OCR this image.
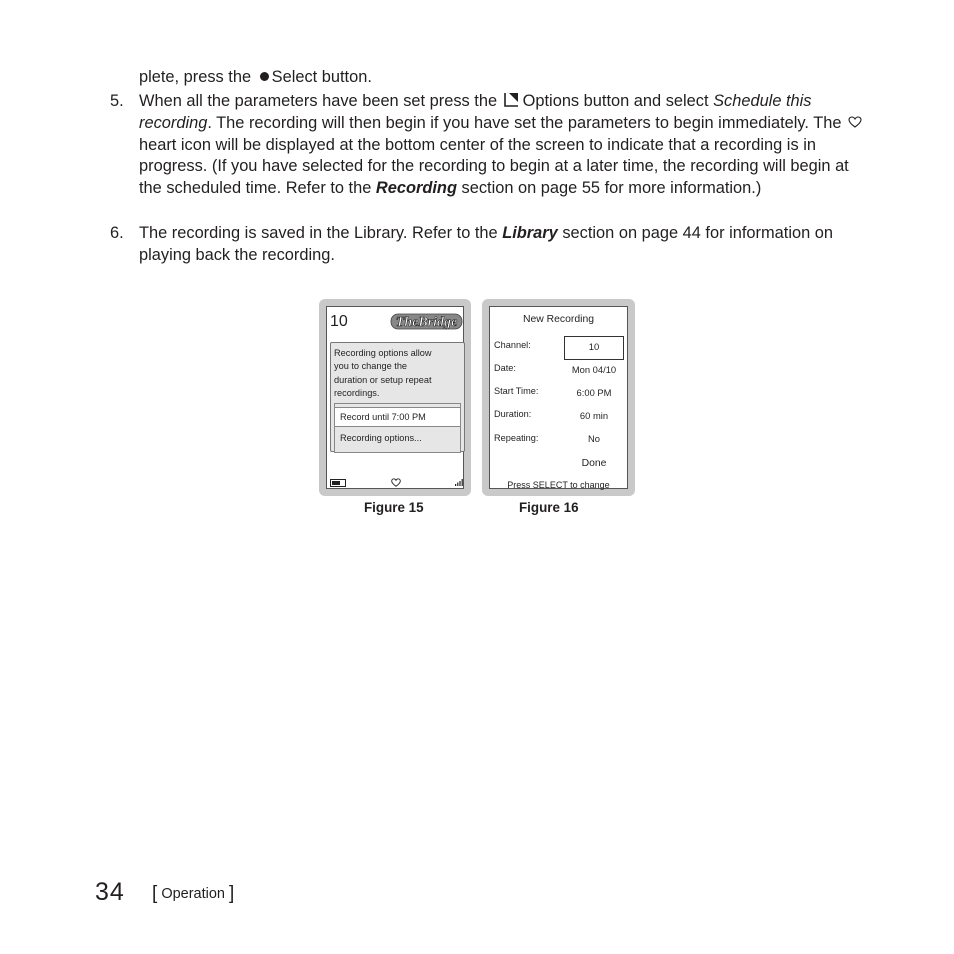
plete, press the Select button.
5. When all the parameters have been set press the Options button and select Schedule this recording. The recording will then begin if you have set the parameters to begin immediately. The  heart icon will be displayed at the bottom center of the screen to indicate that a recording is in progress. (If you have selected for the recording to begin at a later time, the recording will begin at the scheduled time. Refer to the Recording section on page 55 for more information.)
6. The recording is saved in the Library. Refer to the Library section on page 44 for information on playing back the recording.
10	TheBridge
Recording options allow
you to change the
duration or setup repeat
recordings.
Record until 7:00 PM
Recording options...
New Recording
Channel:	10
Date:	Mon 04/10
Start Time:	6:00 PM
Duration:	60 min
Repeating:	No
Done
Press SELECT to change
Figure 15	Figure 16
34 [ Operation ]
